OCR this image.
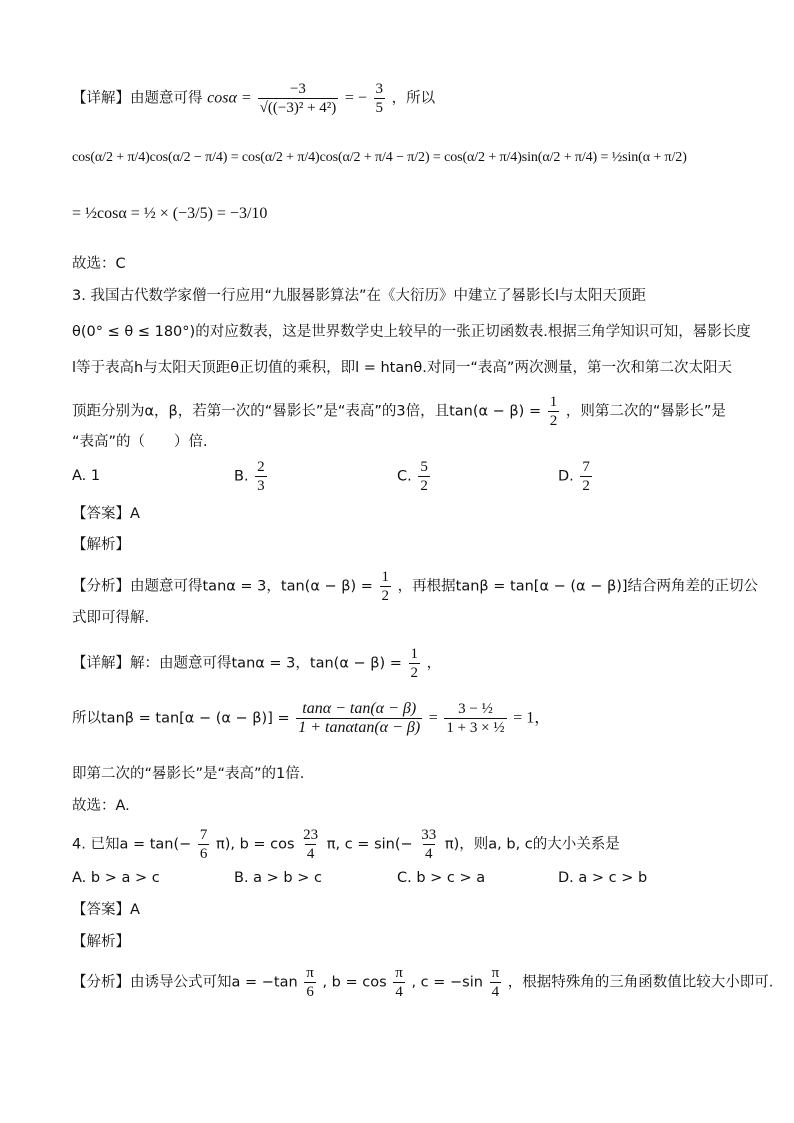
【详解】由题意可得 $\cos\alpha = \frac{-3}{\text{√((−3)² + 4²)}}$ = − $\frac{3}{5}$ ，所以
cos(α/2 + π/4)cos(α/2 − π/4) = cos(α/2 + π/4)cos(α/2 + π/4 − π/2) = cos(α/2 + π/4)sin(α/2 + π/4) = ½sin(α + π/2)
= ½cosα = ½ × (−3/5) = −3/10
故选：C
3. 我国古代数学家僧一行应用“九服晷影算法”在《大衍历》中建立了晷影长l与太阳天顶距
θ(0° ≤ θ ≤ 180°)的对应数表，这是世界数学史上较早的一张正切函数表.根据三角学知识可知，晷影长度
l等于表高h与太阳天顶距θ正切值的乘积，即l = htanθ.对同一“表高”两次测量，第一次和第二次太阳天
顶距分别为α，β，若第一次的“晷影长”是“表高”的3倍，且$\tan(\alpha - \beta) = \frac{1}{2}$ ，则第二次的“晷影长”是
“表高”的（　　）倍.
A. 1	B. $\frac{2}{3}$	C. $\frac{5}{2}$	D. $\frac{7}{2}$
【答案】A
【解析】
【分析】由题意可得tanα = 3，$\tan(\alpha - \beta) = \frac{1}{2}$ ，再根据tanβ = tan[α − (α − β)]结合两角差的正切公
式即可得解.
【详解】解：由题意可得tanα = 3，$\tan(\alpha - \beta) = \frac{1}{2}$ ，
所以$\tan\beta = \tan[\alpha - (\alpha - \beta)] = \frac{\tan\alpha - \tan(\alpha - \beta)}{1 + \tan\alpha\tan(\alpha - \beta)} = \frac{\text{3 − ½}}{\text{1 + 3 × ½}} = 1$，
即第二次的“晷影长”是“表高”的1倍.
故选：A.
4. 已知$a = \tan(- \frac{7}{6} \pi)$, $b = \cos \frac{23}{4} \pi$, $c = \sin(- \frac{33}{4} \pi)$，则a, b, c的大小关系是
A. b > a > c	B. a > b > c	C. b > c > a	D. a > c > b
【答案】A
【解析】
【分析】由诱导公式可知$a = -\tan \frac{\pi}{6}$ , $b = \cos \frac{\pi}{4}$ , $c = -\sin \frac{\pi}{4}$ ，根据特殊角的三角函数值比较大小即可.
